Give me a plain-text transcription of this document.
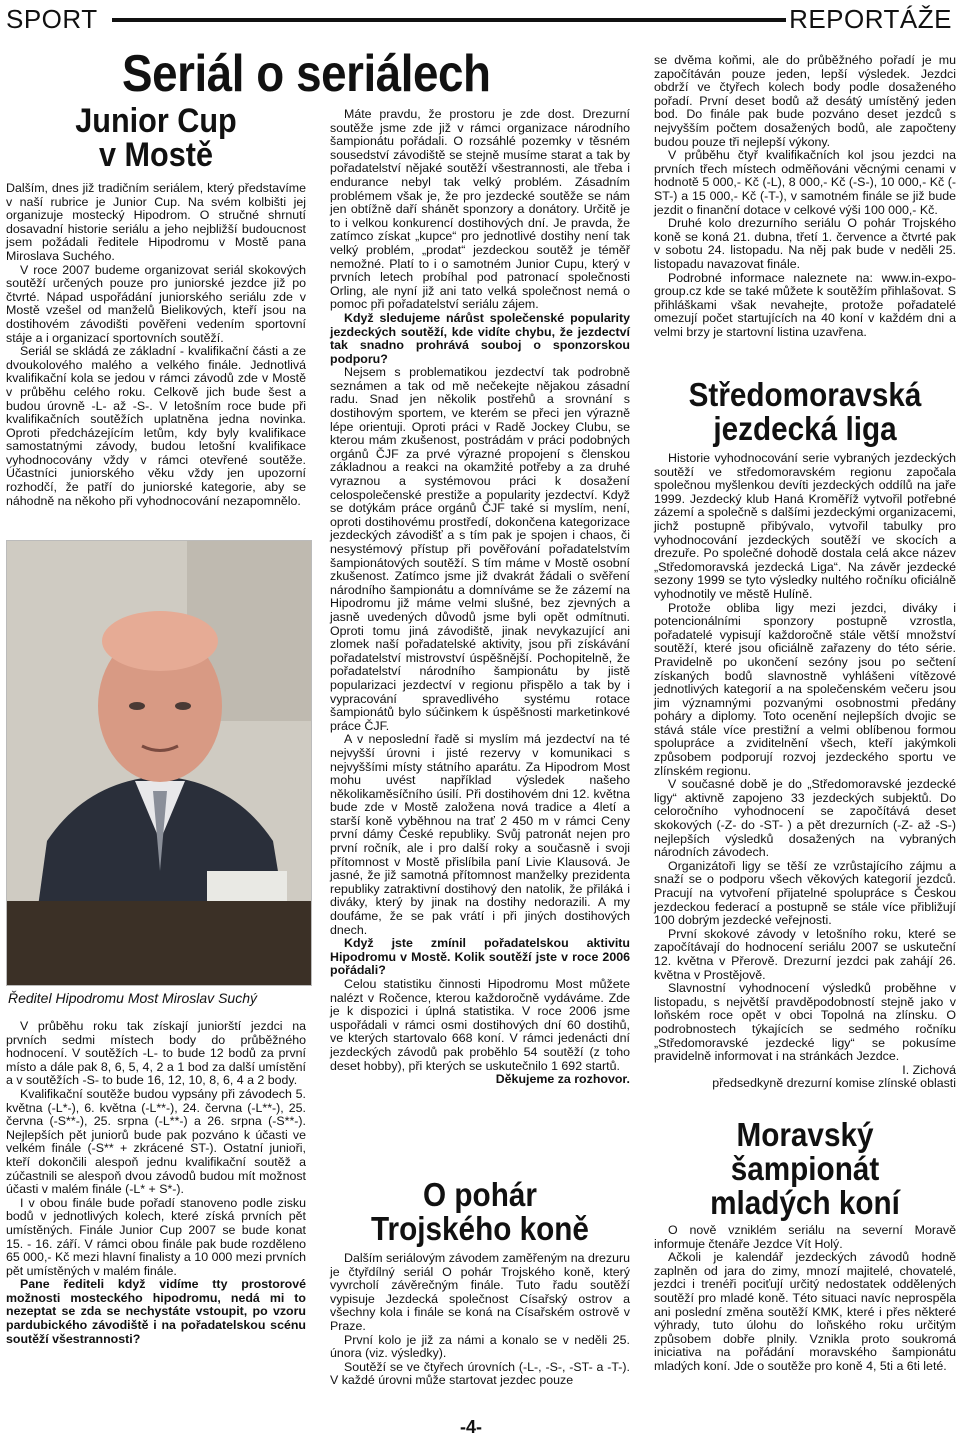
SPORT	REPORTÁŽE
Seriál o seriálech
Junior Cup
v Mostě

Dalším, dnes již tradičním seriálem, který představíme v naší rubrice je Junior Cup. Na svém kolbišti jej organizuje mostecký Hipodrom. O stručné shrnutí dosavadní historie seriálu a jeho nejbližší budoucnost jsem požádali ředitele Hipodromu v Mostě pana Miroslava Suchého.

V roce 2007 budeme organizovat seriál skokových soutěží určených pouze pro juniorské jezdce již po čtvrté. Nápad uspořádání juniorského seriálu zde v Mostě vzešel od manželů Bielikových, kteří jsou na dostihovém závodišti pověřeni vedením sportovní stáje a i organizací sportovních soutěží.

Seriál se skládá ze základní - kvalifikační části a ze dvoukolového malého a velkého finále. Jednotlivá kvalifikační kola se jedou v rámci závodů zde v Mostě v průběhu celého roku. Celkově jich bude šest a budou úrovně -L- až -S-. V letošním roce bude při kvalifikačních soutěžích uplatněna jedna novinka. Oproti předcházejícím letům, kdy byly kvalifikace samostatnými závody, budou letošní kvalifikace vyhodnocovány vždy v rámci otevřené soutěže. Účastníci juniorského věku vždy jen upozorní rozhodčí, že patří do juniorské kategorie, aby se náhodně na někoho při vyhodnocování nezapomnělo.

Ředitel Hipodromu Most Miroslav Suchý

V průběhu roku tak získají juniorští jezdci na prvních sedmi místech body do průběžného hodnocení. V soutěžích -L- to bude 12 bodů za první místo a dále pak 8, 6, 5, 4, 2 a 1 bod za další umístění a v soutěžích -S- to bude 16, 12, 10, 8, 6, 4 a 2 body.

Kvalifikační soutěže budou vypsány při závodech 5. května (-L*-), 6. května (-L**-), 24. června (-L**-), 25. června (-S**-), 25. srpna (-L**-) a 26. srpna (-S**-). Nejlepších pět juniorů bude pak pozváno k účasti ve velkém finále (-S** + zkrácené ST-). Ostatní junioři, kteří dokončili alespoň jednu kvalifikační soutěž a zúčastnili se alespoň dvou závodů budou mít možnost účasti v malém finále (-L* + S*-).

I v obou finále bude pořadí stanoveno podle zisku bodů v jednotlivých kolech, které získá prvních pět umístěných. Finále Junior Cup 2007 se bude konat 15. - 16. září. V rámci obou finále pak bude rozděleno 65 000,- Kč mezi hlavní finalisty a 10 000 mezi prvních pět umístěných v malém finále.

Pane řediteli když vidíme tty prostorové možnosti mosteckého hipodromu, nedá mi to nezeptat se zda se nechystáte vstoupit, po vzoru pardubického závodiště i na pořadatelskou scénu soutěží všestrannosti?

Máte pravdu, že prostoru je zde dost. Drezurní soutěže jsme zde již v rámci organizace národního šampionátu pořádali. O rozsáhlé pozemky v těsném sousedství závodiště se stejně musíme starat a tak by pořadatelství nějaké soutěží všestrannosti, ale třeba i endurance nebyl tak velký problém. Zásadním problémem však je, že pro jezdecké soutěže se nám jen obtížně daří shánět sponzory a donátory. Určitě je to i velkou konkurencí dostihových dní. Je pravda, že zatímco získat „kupce“ pro jednotlivé dostihy není tak velký problém, „prodat“ jezdeckou soutěž je téměř nemožné. Platí to i o samotném Junior Cupu, který v prvních letech probíhal pod patronací společnosti Orling, ale nyní již ani tato velká společnost nemá o pomoc při pořadatelství seriálu zájem.

Když sledujeme nárůst společenské popularity jezdeckých soutěží, kde vidíte chybu, že jezdectví tak snadno prohrává souboj o sponzorskou podporu?

Nejsem s problematikou jezdectví tak podrobně seznámen a tak od mě nečekejte nějakou zásadní radu. Snad jen několik postřehů a srovnání s dostihovým sportem, ve kterém se přeci jen výrazně lépe orientuji. Oproti práci v Radě Jockey Clubu, se kterou mám zkušenost, postrádám v práci podobných orgánů ČJF za prvé výrazné propojení s členskou základnou a reakci na okamžité potřeby a za druhé vyraznou a systémovou práci k dosažení celospolečenské prestiže a popularity jezdectví. Když se dotýkám práce orgánů ČJF také si myslím, není, oproti dostihovému prostředí, dokončena kategorizace jezdeckých závodišť a s tím pak je spojen i chaos, či nesystémový přístup při pověřování pořadatelstvím šampionátových soutěží. S tím máme v Mostě osobní zkušenost. Zatímco jsme již dvakrát žádali o svěření národního šampionátu a domníváme se že zázemí na Hipodromu již máme velmi slušné, bez zjevných a jasně uvedených důvodů jsme byli opět odmítnuti. Oproti tomu jiná závodiště, jinak nevykazující ani zlomek naší pořadatelské aktivity, jsou při získávání pořadatelství mistrovství úspěšnější. Pochopitelně, že pořadatelství národního šampionátu by jistě popularizaci jezdectví v regionu přispělo a tak by i vypracování spravedlivého systému rotace šampionátů bylo súčinkem k úspěšnosti marketinkové práce ČJF.

A v neposlední řadě si myslím má jezdectví na té nejvyšší úrovni i jisté rezervy v komunikaci s nejvyššími místy státního aparátu. Za Hipodrom Most mohu uvést například výsledek našeho několikaměsíčního úsilí. Při dostihovém dni 12. května bude zde v Mostě založena nová tradice a 4letí a starší koně vyběhnou na trať 2 450 m v rámci Ceny první dámy České republiky. Svůj patronát nejen pro první ročník, ale i pro další roky a současně i svoji přítomnost v Mostě přislíbila paní Livie Klausová. Je jasné, že již samotná přítomnost manželky prezidenta republiky zatraktivní dostihový den natolik, že přiláká i diváky, který by jinak na dostihy nedorazili. A my doufáme, že se pak vrátí i při jiných dostihových dnech.

Když jste zmínil pořadatelskou aktivitu Hipodromu v Mostě. Kolik soutěží jste v roce 2006 pořádali?

Celou statistiku činnosti Hipodromu Most můžete nalézt v Ročence, kterou každoročně vydáváme. Zde je k dispozici i úplná statistika. V roce 2006 jsme uspořádali v rámci osmi dostihových dní 60 dostihů, ve kterých startovalo 668 koní. V rámci jedenácti dní jezdeckých závodů pak proběhlo 54 soutěží (z toho deset hobby), při kterých se uskutečnilo 1 692 startů.

Děkujeme za rozhovor.

O pohár
Trojského koně

Dalším seriálovým závodem zaměřeným na drezuru je čtyřdílný seriál O pohár Trojského koně, který vyvrcholí závěrečným finále. Tuto řadu soutěží vypisuje Jezdecká společnost Císařský ostrov a všechny kola i finále se koná na Císařském ostrově v Praze.

První kolo je již za námi a konalo se v neděli 25. února (viz. výsledky).

Soutěží se ve čtyřech úrovních (-L-, -S-, -ST- a -T-). V každé úrovni může startovat jezdec pouze

se dvěma koňmi, ale do průběžného pořadí je mu započítáván pouze jeden, lepší výsledek. Jezdci obdrží ve čtyřech kolech body podle dosaženého pořadí. První deset bodů až desátý umístěný jeden bod. Do finále pak bude pozváno deset jezdců s nejvyšším počtem dosažených bodů, ale započteny budou pouze tři nejlepší výkony.

V průběhu čtyř kvalifikačních kol jsou jezdci na prvních třech místech odměňováni věcnými cenami v hodnotě 5 000,- Kč (-L), 8 000,- Kč (-S-), 10 000,- Kč (-ST-) a 15 000,- Kč (-T-), v samotném finále se již bude jezdit o finanční dotace v celkové výši 100 000,- Kč.

Druhé kolo drezurního seriálu O pohár Trojského koně se koná 21. dubna, třetí 1. července a čtvrté pak v sobotu 24. listopadu. Na něj pak bude v neděli 25. listopadu navazovat finále.

Podrobné informace naleznete na: www.in-expo-group.cz kde se také můžete k soutěžím přihlašovat. S přihláškami však nevahejte, protože pořadatelé omezují počet startujících na 40 koní v každém dni a velmi brzy je startovní listina uzavřena.

Středomoravská
jezdecká liga

Historie vyhodnocování serie vybraných jezdeckých soutěží ve středomoravském regionu započala společnou myšlenkou devíti jezdeckých oddílů na jaře 1999. Jezdecký klub Haná Kroměříž vytvořil potřebné zázemí a společně s dalšími jezdeckými organizacemi, jichž postupně přibývalo, vytvořil tabulky pro vyhodnocování jezdeckých soutěží ve skocích a drezuře. Po společné dohodě dostala celá akce název „Středomoravská jezdecká Liga“. Na závěr jezdecké sezony 1999 se tyto výsledky nultého ročníku oficiálně vyhodnotily ve městě Hulíně.

Protože obliba ligy mezi jezdci, diváky i potencionálními sponzory postupně vzrostla, pořadatelé vypisují každoročně stále větší množství soutěží, které jsou oficiálně zařazeny do této série. Pravidelně po ukončení sezóny jsou po sečtení získaných bodů slavnostně vyhlášeni vítězové jednotlivých kategorií a na společenském večeru jsou jim významnými pozvanými osobnostmi předány poháry a diplomy. Toto ocenění nejlepších dvojic se stává stále více prestižní a velmi oblíbenou formou spolupráce a zviditelnění všech, kteří jakýmkoli způsobem podporují rozvoj jezdeckého sportu ve zlínském regionu.

V současné době je do „Středomoravské jezdecké ligy“ aktivně zapojeno 33 jezdeckých subjektů. Do celoročního vyhodnocení se započítává deset skokových (-Z- do -ST- ) a pět drezurních (-Z- až -S-) nejlepších výsledků dosažených na vybraných národních závodech.

Organizátoři ligy se těší ze vzrůstajícího zájmu a snaží se o podporu všech věkových kategorií jezdců. Pracují na vytvoření přijatelné spolupráce s Českou jezdeckou federací a postupně se stále více přibližují 100 dobrým jezdecké veřejnosti.

První skokové závody v letošního roku, které se započítávají do hodnocení seriálu 2007 se uskuteční 12. května v Přerově. Drezurní jezdci pak zahájí 26. května v Prostějově.

Slavnostní vyhodnocení výsledků proběhne v listopadu, s největší pravděpodobností stejně jako v loňském roce opět v obci Topolná na zlínsku. O podrobnostech týkajících se sedmého ročníku „Středomoravské jezdecké ligy“ se pokusíme pravidelně informovat i na stránkách Jezdce.

I. Zichová

předsedkyně drezurní komise zlínské oblasti

Moravský
šampionát
mladých koní

O nově vzniklém seriálu na severní Moravě informuje čtenáře Jezdce Vít Holý.

Ačkoli je kalendář jezdeckých závodů hodně zaplněn od jara do zimy, mnozí majitelé, chovatelé, jezdci i trenéři pociťují určitý nedostatek oddělených soutěží pro mladé koně. Této situaci navíc neprospěla ani poslední změna soutěží KMK, které i přes některé výhrady, tuto úlohu do loňského roku určitým způsobem dobře plnily. Vznikla proto soukromá iniciativa na pořádání moravského šampionátu mladých koní. Jde o soutěže pro koně 4, 5ti a 6ti leté.

-4-
